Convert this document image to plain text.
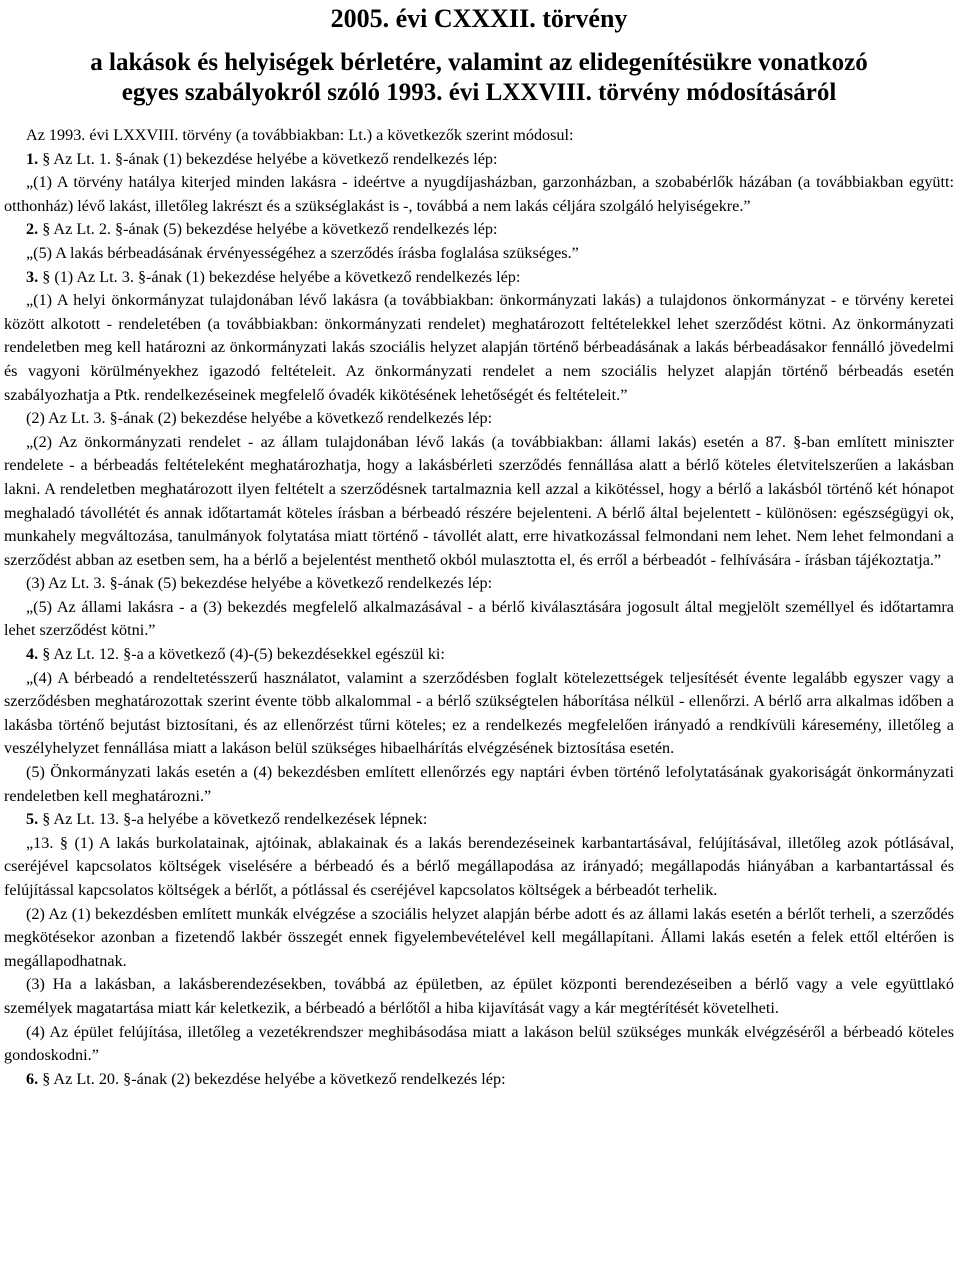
2005. évi CXXXII. törvény
a lakások és helyiségek bérletére, valamint az elidegenítésükre vonatkozó
egyes szabályokról szóló 1993. évi LXXVIII. törvény módosításáról

Az 1993. évi LXXVIII. törvény (a továbbiakban: Lt.) a következők szerint módosul:

1. § Az Lt. 1. §-ának (1) bekezdése helyébe a következő rendelkezés lép:

„(1) A törvény hatálya kiterjed minden lakásra - ideértve a nyugdíjasházban, garzonházban, a szobabérlők házában (a továbbiakban együtt: otthonház) lévő lakást, illetőleg lakrészt és a szükséglakást is -, továbbá a nem lakás céljára szolgáló helyiségekre.”

2. § Az Lt. 2. §-ának (5) bekezdése helyébe a következő rendelkezés lép:

„(5) A lakás bérbeadásának érvényességéhez a szerződés írásba foglalása szükséges.”

3. § (1) Az Lt. 3. §-ának (1) bekezdése helyébe a következő rendelkezés lép:

„(1) A helyi önkormányzat tulajdonában lévő lakásra (a továbbiakban: önkormányzati lakás) a tulajdonos önkormányzat - e törvény keretei között alkotott - rendeletében (a továbbiakban: önkormányzati rendelet) meghatározott feltételekkel lehet szerződést kötni. Az önkormányzati rendeletben meg kell határozni az önkormányzati lakás szociális helyzet alapján történő bérbeadásának a lakás bérbeadásakor fennálló jövedelmi és vagyoni körülményekhez igazodó feltételeit. Az önkormányzati rendelet a nem szociális helyzet alapján történő bérbeadás esetén szabályozhatja a Ptk. rendelkezéseinek megfelelő óvadék kikötésének lehetőségét és feltételeit.”

(2) Az Lt. 3. §-ának (2) bekezdése helyébe a következő rendelkezés lép:

„(2) Az önkormányzati rendelet - az állam tulajdonában lévő lakás (a továbbiakban: állami lakás) esetén a 87. §-ban említett miniszter rendelete - a bérbeadás feltételeként meghatározhatja, hogy a lakásbérleti szerződés fennállása alatt a bérlő köteles életvitelszerűen a lakásban lakni. A rendeletben meghatározott ilyen feltételt a szerződésnek tartalmaznia kell azzal a kikötéssel, hogy a bérlő a lakásból történő két hónapot meghaladó távollétét és annak időtartamát köteles írásban a bérbeadó részére bejelenteni. A bérlő által bejelentett - különösen: egészségügyi ok, munkahely megváltozása, tanulmányok folytatása miatt történő - távollét alatt, erre hivatkozással felmondani nem lehet. Nem lehet felmondani a szerződést abban az esetben sem, ha a bérlő a bejelentést menthető okból mulasztotta el, és erről a bérbeadót - felhívására - írásban tájékoztatja.”

(3) Az Lt. 3. §-ának (5) bekezdése helyébe a következő rendelkezés lép:

„(5) Az állami lakásra - a (3) bekezdés megfelelő alkalmazásával - a bérlő kiválasztására jogosult által megjelölt személlyel és időtartamra lehet szerződést kötni.”

4. § Az Lt. 12. §-a a következő (4)-(5) bekezdésekkel egészül ki:

„(4) A bérbeadó a rendeltetésszerű használatot, valamint a szerződésben foglalt kötelezettségek teljesítését évente legalább egyszer vagy a szerződésben meghatározottak szerint évente több alkalommal - a bérlő szükségtelen háborítása nélkül - ellenőrzi. A bérlő arra alkalmas időben a lakásba történő bejutást biztosítani, és az ellenőrzést tűrni köteles; ez a rendelkezés megfelelően irányadó a rendkívüli káresemény, illetőleg a veszélyhelyzet fennállása miatt a lakáson belül szükséges hibaelhárítás elvégzésének biztosítása esetén.

(5) Önkormányzati lakás esetén a (4) bekezdésben említett ellenőrzés egy naptári évben történő lefolytatásának gyakoriságát önkormányzati rendeletben kell meghatározni.”

5. § Az Lt. 13. §-a helyébe a következő rendelkezések lépnek:

„13. § (1) A lakás burkolatainak, ajtóinak, ablakainak és a lakás berendezéseinek karbantartásával, felújításával, illetőleg azok pótlásával, cseréjével kapcsolatos költségek viselésére a bérbeadó és a bérlő megállapodása az irányadó; megállapodás hiányában a karbantartással és felújítással kapcsolatos költségek a bérlőt, a pótlással és cseréjével kapcsolatos költségek a bérbeadót terhelik.

(2) Az (1) bekezdésben említett munkák elvégzése a szociális helyzet alapján bérbe adott és az állami lakás esetén a bérlőt terheli, a szerződés megkötésekor azonban a fizetendő lakbér összegét ennek figyelembevételével kell megállapítani. Állami lakás esetén a felek ettől eltérően is megállapodhatnak.

(3) Ha a lakásban, a lakásberendezésekben, továbbá az épületben, az épület központi berendezéseiben a bérlő vagy a vele együttlakó személyek magatartása miatt kár keletkezik, a bérbeadó a bérlőtől a hiba kijavítását vagy a kár megtérítését követelheti.

(4) Az épület felújítása, illetőleg a vezetékrendszer meghibásodása miatt a lakáson belül szükséges munkák elvégzéséről a bérbeadó köteles gondoskodni.”

6. § Az Lt. 20. §-ának (2) bekezdése helyébe a következő rendelkezés lép:
